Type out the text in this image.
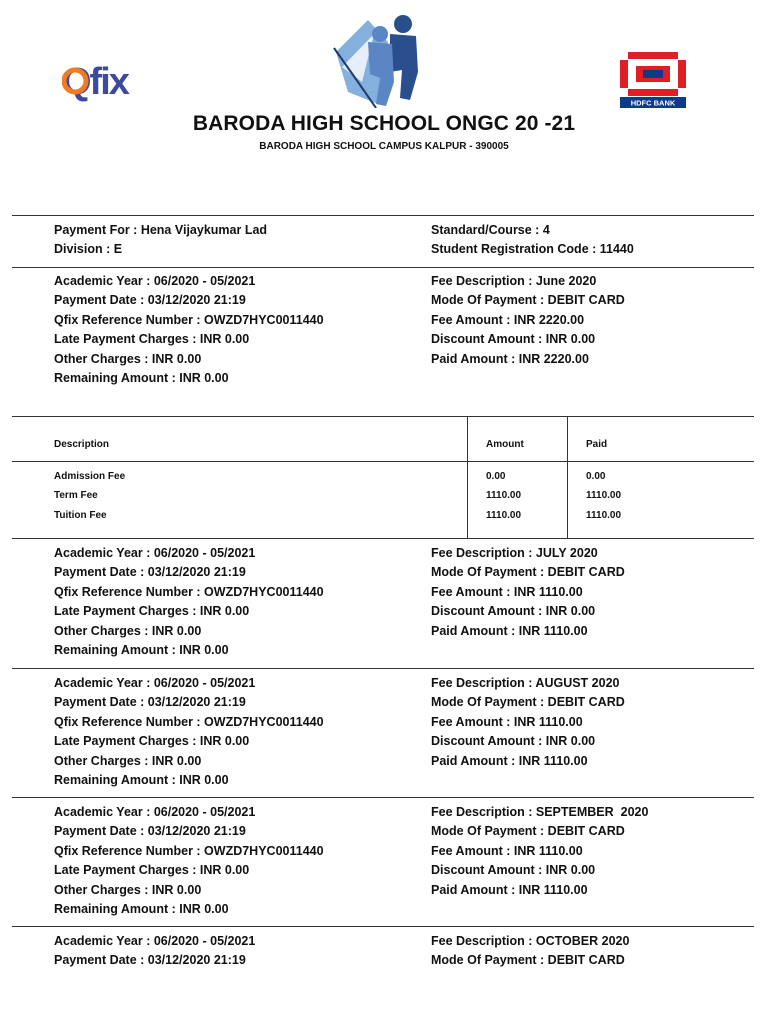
Qfix	HDFC BANK
BARODA HIGH SCHOOL ONGC 20 -21
BARODA HIGH SCHOOL CAMPUS KALPUR - 390005
Payment For : Hena Vijaykumar Lad
Division : E
Standard/Course : 4
Student Registration Code : 11440
Academic Year : 06/2020 - 05/2021
Payment Date : 03/12/2020 21:19
Qfix Reference Number : OWZD7HYC0011440
Late Payment Charges : INR 0.00
Other Charges : INR 0.00
Remaining Amount : INR 0.00
Fee Description : June 2020
Mode Of Payment : DEBIT CARD
Fee Amount : INR 2220.00
Discount Amount : INR 0.00
Paid Amount : INR 2220.00
Description	Amount	Paid
Admission Fee	0.00	0.00
Term Fee	1110.00	1110.00
Tuition Fee	1110.00	1110.00
Academic Year : 06/2020 - 05/2021
Payment Date : 03/12/2020 21:19
Qfix Reference Number : OWZD7HYC0011440
Late Payment Charges : INR 0.00
Other Charges : INR 0.00
Remaining Amount : INR 0.00
Fee Description : JULY 2020
Mode Of Payment : DEBIT CARD
Fee Amount : INR 1110.00
Discount Amount : INR 0.00
Paid Amount : INR 1110.00
Academic Year : 06/2020 - 05/2021
Payment Date : 03/12/2020 21:19
Qfix Reference Number : OWZD7HYC0011440
Late Payment Charges : INR 0.00
Other Charges : INR 0.00
Remaining Amount : INR 0.00
Fee Description : AUGUST 2020
Mode Of Payment : DEBIT CARD
Fee Amount : INR 1110.00
Discount Amount : INR 0.00
Paid Amount : INR 1110.00
Academic Year : 06/2020 - 05/2021
Payment Date : 03/12/2020 21:19
Qfix Reference Number : OWZD7HYC0011440
Late Payment Charges : INR 0.00
Other Charges : INR 0.00
Remaining Amount : INR 0.00
Fee Description : SEPTEMBER  2020
Mode Of Payment : DEBIT CARD
Fee Amount : INR 1110.00
Discount Amount : INR 0.00
Paid Amount : INR 1110.00
Academic Year : 06/2020 - 05/2021
Payment Date : 03/12/2020 21:19
Fee Description : OCTOBER 2020
Mode Of Payment : DEBIT CARD
